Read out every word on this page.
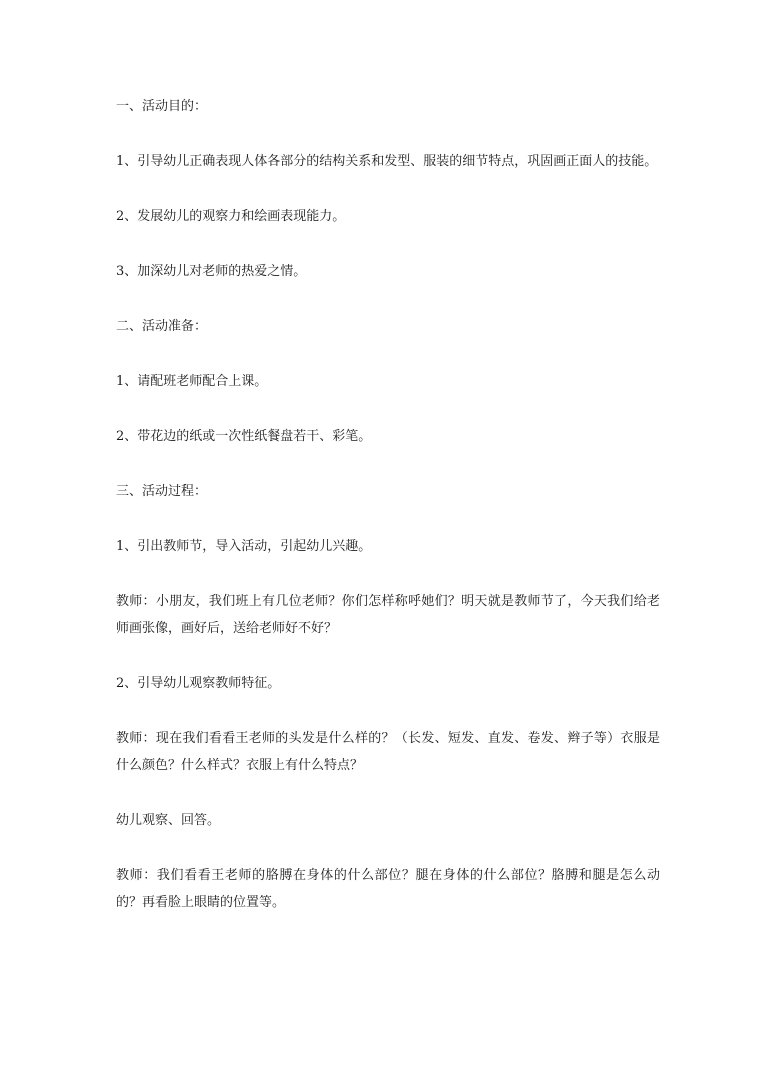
一、活动目的：

1、引导幼儿正确表现人体各部分的结构关系和发型、服装的细节特点，巩固画正面人的技能。

2、发展幼儿的观察力和绘画表现能力。

3、加深幼儿对老师的热爱之情。

二、活动准备：

1、请配班老师配合上课。

2、带花边的纸或一次性纸餐盘若干、彩笔。

三、活动过程：

1、引出教师节，导入活动，引起幼儿兴趣。

教师：小朋友，我们班上有几位老师？你们怎样称呼她们？明天就是教师节了，今天我们给老师画张像，画好后，送给老师好不好？

2、引导幼儿观察教师特征。

教师：现在我们看看王老师的头发是什么样的？（长发、短发、直发、卷发、辫子等）衣服是什么颜色？什么样式？衣服上有什么特点？

幼儿观察、回答。

教师：我们看看王老师的胳膊在身体的什么部位？腿在身体的什么部位？胳膊和腿是怎么动的？再看脸上眼睛的位置等。
